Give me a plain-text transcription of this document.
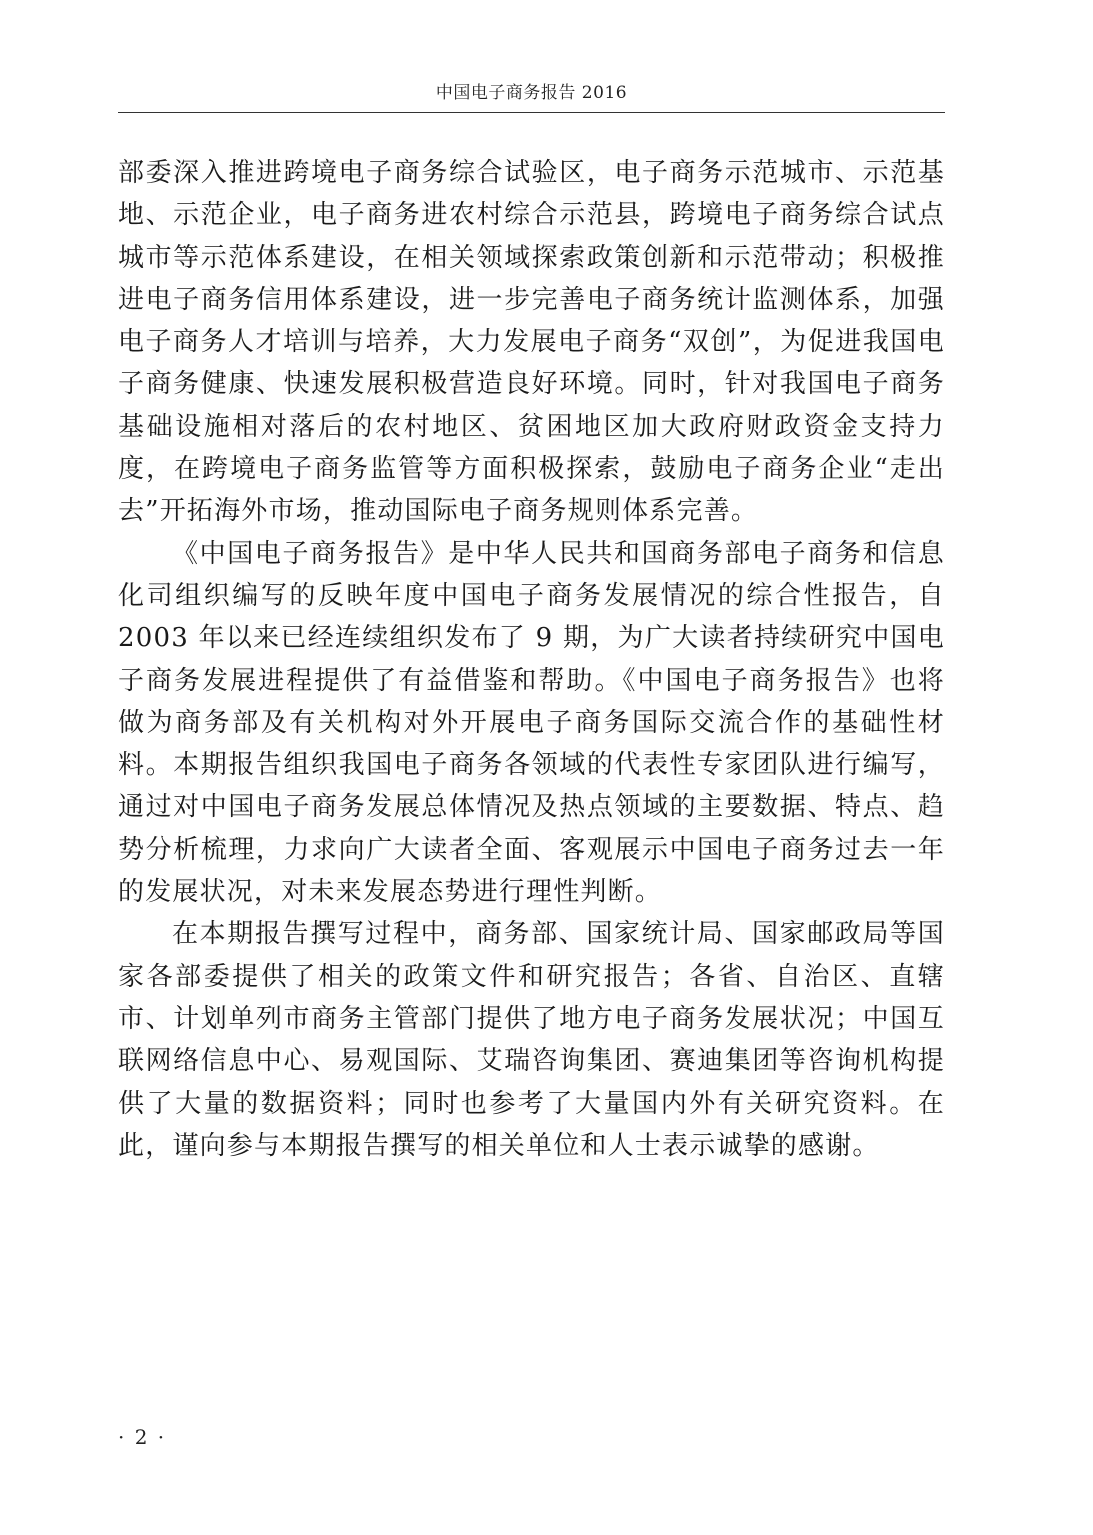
中国电子商务报告 2016

部委深入推进跨境电子商务综合试验区，电子商务示范城市、示范基地、示范企业，电子商务进农村综合示范县，跨境电子商务综合试点城市等示范体系建设，在相关领域探索政策创新和示范带动；积极推进电子商务信用体系建设，进一步完善电子商务统计监测体系，加强电子商务人才培训与培养，大力发展电子商务“双创”，为促进我国电子商务健康、快速发展积极营造良好环境。同时，针对我国电子商务基础设施相对落后的农村地区、贫困地区加大政府财政资金支持力度，在跨境电子商务监管等方面积极探索，鼓励电子商务企业“走出去”开拓海外市场，推动国际电子商务规则体系完善。

《中国电子商务报告》是中华人民共和国商务部电子商务和信息化司组织编写的反映年度中国电子商务发展情况的综合性报告，自 2003 年以来已经连续组织发布了 9 期，为广大读者持续研究中国电子商务发展进程提供了有益借鉴和帮助。《中国电子商务报告》也将做为商务部及有关机构对外开展电子商务国际交流合作的基础性材料。本期报告组织我国电子商务各领域的代表性专家团队进行编写，通过对中国电子商务发展总体情况及热点领域的主要数据、特点、趋势分析梳理，力求向广大读者全面、客观展示中国电子商务过去一年的发展状况，对未来发展态势进行理性判断。

在本期报告撰写过程中，商务部、国家统计局、国家邮政局等国家各部委提供了相关的政策文件和研究报告；各省、自治区、直辖市、计划单列市商务主管部门提供了地方电子商务发展状况；中国互联网络信息中心、易观国际、艾瑞咨询集团、赛迪集团等咨询机构提供了大量的数据资料；同时也参考了大量国内外有关研究资料。在此，谨向参与本期报告撰写的相关单位和人士表示诚挚的感谢。

· 2 ·
